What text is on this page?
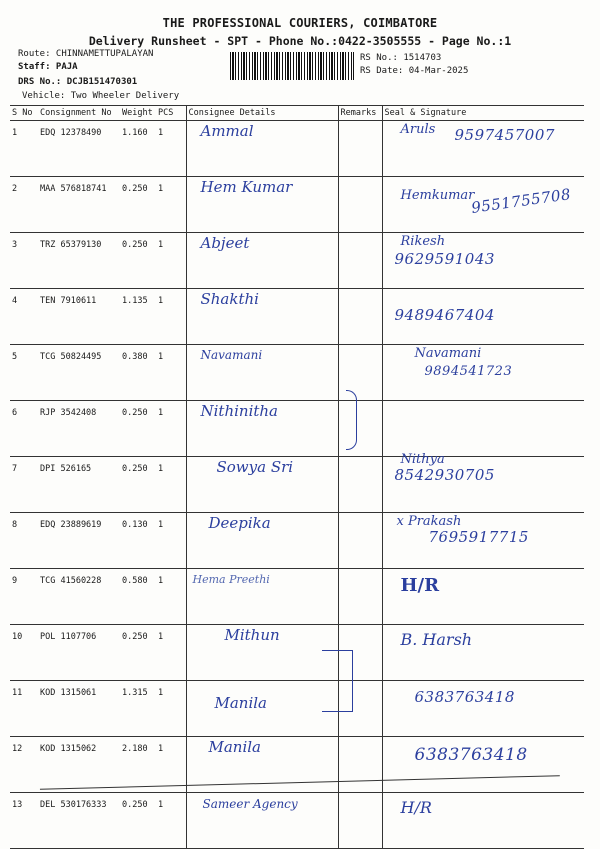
THE PROFESSIONAL COURIERS, COIMBATORE
Delivery Runsheet - SPT - Phone No.:0422-3505555 - Page No.:1
Route: CHINNAMETTUPALAYAN
Staff: PAJA
DRS No.: DCJB151470301
Vehicle: Two Wheeler Delivery
RS No.: 1514703
RS Date: 04-Mar-2025
S No	Consignment No	Weight	PCS	Consignee Details	Remarks	Seal & Signature
1	EDQ 12378490	1.160	1	Ammal		Aruls 9597457007

2	MAA 576818741	0.250	1	Hem Kumar		Hemkumar
9551755708

3	TRZ 65379130	0.250	1	Abjeet		Rikesh
9629591043

4	TEN 7910611	1.135	1	Shakthi		9489467404

5	TCG 50824495	0.380	1	Navamani		Navamani
9894541723

6	RJP 3542408	0.250	1	Nithinitha		

7	DPI 526165	0.250	1	Sowya Sri		Nithya
8542930705

8	EDQ 23889619	0.130	1	Deepika		x Prakash
7695917715

9	TCG 41560228	0.580	1	Hema Preethi		H/R

10	POL 1107706	0.250	1	Mithun		B. Harsh

11	KOD 1315061	1.315	1	Manila		6383763418

12	KOD 1315062	2.180	1	Manila		6383763418

13	DEL 530176333	0.250	1	Sameer Agency		H/R
